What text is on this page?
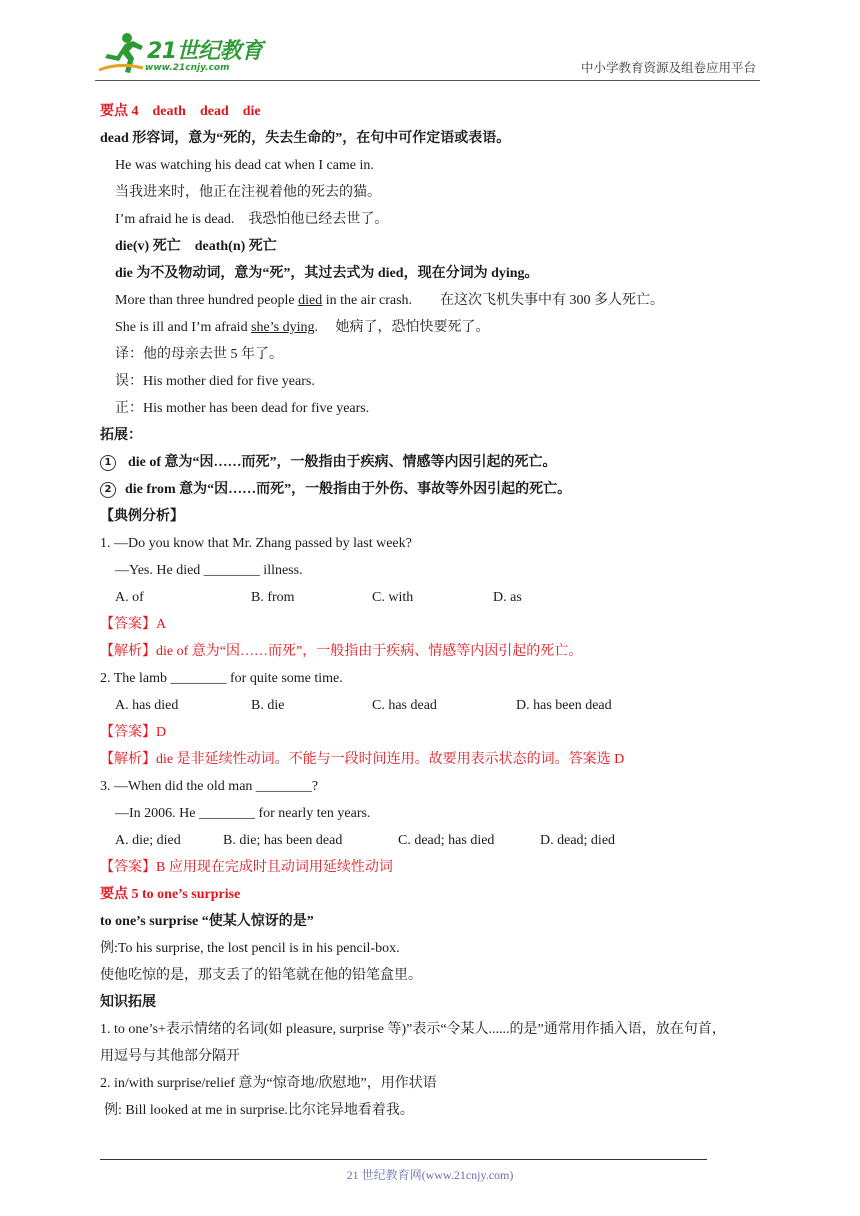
21世纪教育
www.21cnjy.com	中小学教育资源及组卷应用平台
要点 4　death　dead　die
dead 形容词，意为“死的，失去生命的”，在句中可作定语或表语。
He was watching his dead cat when I came in.
当我进来时，他正在注视着他的死去的猫。
I’m afraid he is dead.　我恐怕他已经去世了。
die(v) 死亡　death(n) 死亡
die 为不及物动词，意为“死”，其过去式为 died，现在分词为 dying。
More than three hundred people died in the air crash.　　在这次飞机失事中有 300 多人死亡。
She is ill and I’m afraid she’s dying.　 她病了，恐怕快要死了。
译：他的母亲去世 5 年了。
误：His mother died for five years.
正：His mother has been dead for five years.
拓展：
1 die of 意为“因……而死”，一般指由于疾病、情感等内因引起的死亡。
2 die from 意为“因……而死”，一般指由于外伤、事故等外因引起的死亡。
【典例分析】
1. —Do you know that Mr. Zhang passed by last week?
—Yes. He died ________ illness.
A. of	B. from	C. with	D. as
【答案】A
【解析】die of 意为“因……而死”，一般指由于疾病、情感等内因引起的死亡。
2. The lamb ________ for quite some time.
A. has died	B. die	C. has dead	D. has been dead
【答案】D
【解析】die 是非延续性动词。不能与一段时间连用。故要用表示状态的词。答案选 D
3. —When did the old man ________?
—In 2006. He ________ for nearly ten years.
A. die; died	B. die; has been dead	C. dead; has died	D. dead; died
【答案】B 应用现在完成时且动词用延续性动词
要点 5 to one’s surprise
to one’s surprise “使某人惊讶的是”
例:To his surprise, the lost pencil is in his pencil-box.
使他吃惊的是，那支丢了的铅笔就在他的铅笔盒里。
知识拓展
1. to one’s+表示情绪的名词(如 pleasure, surprise 等)”表示“令某人......的是”通常用作插入语，放在句首，
用逗号与其他部分隔开
2. in/with surprise/relief 意为“惊奇地/欣慰地”，用作状语
例: Bill looked at me in surprise.比尔诧异地看着我。
21 世纪教育网(www.21cnjy.com)
